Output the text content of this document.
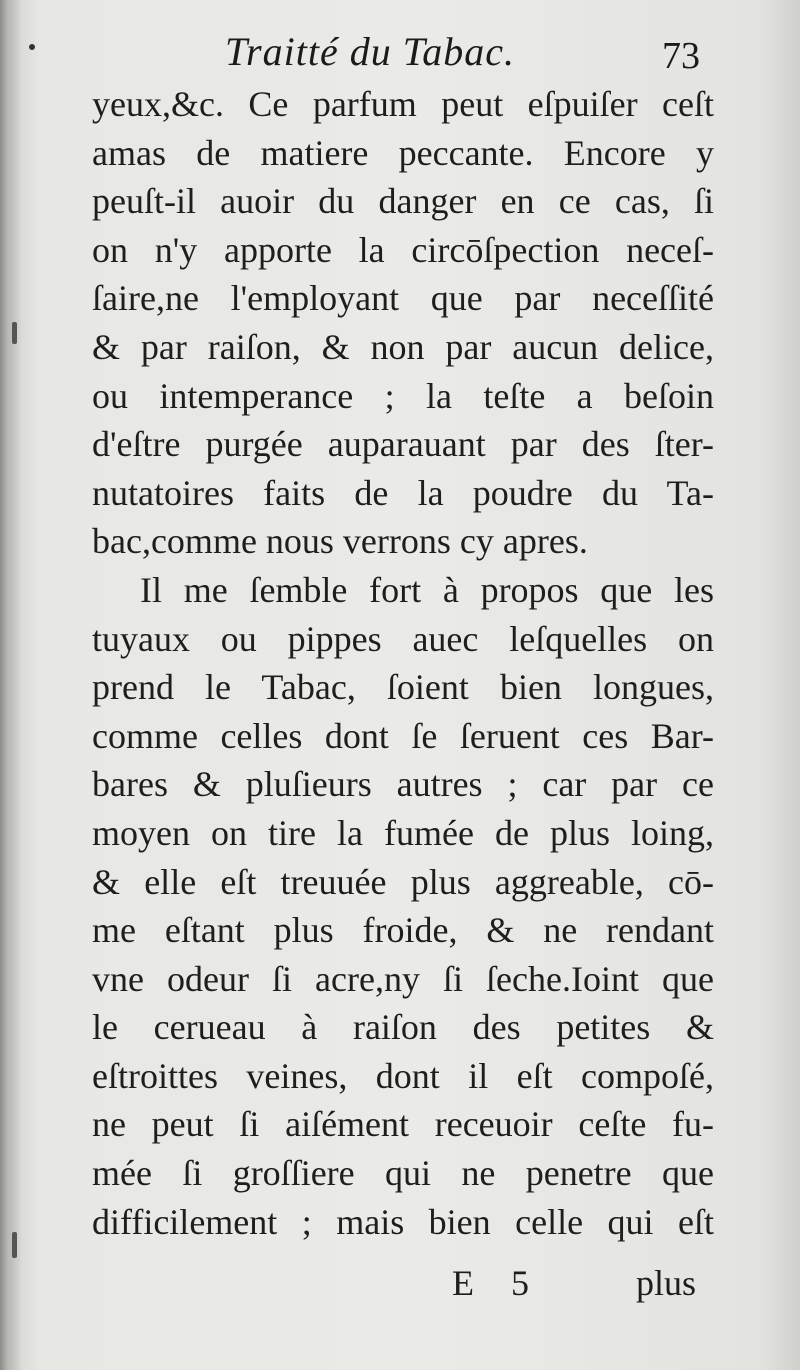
Traitté du Tabac.	73
yeux,&c. Ce parfum peut eſpuiſer ceſt
amas de matiere peccante. Encore y
peuſt-il auoir du danger en ce cas, ſi
on n'y apporte la circōſpection neceſ-
ſaire,ne l'employant que par neceſſité
& par raiſon, & non par aucun delice,
ou intemperance ; la teſte a beſoin
d'eſtre purgée auparauant par des ſter-
nutatoires faits de la poudre du Ta-
bac,comme nous verrons cy apres.
Il me ſemble fort à propos que les
tuyaux ou pippes auec leſquelles on
prend le Tabac, ſoient bien longues,
comme celles dont ſe ſeruent ces Bar-
bares & pluſieurs autres ; car par ce
moyen on tire la fumée de plus loing,
& elle eſt treuuée plus aggreable, cō-
me eſtant plus froide, & ne rendant
vne odeur ſi acre,ny ſi ſeche.Ioint que
le cerueau à raiſon des petites &
eſtroittes veines, dont il eſt compoſé,
ne peut ſi aiſément receuoir ceſte fu-
mée ſi groſſiere qui ne penetre que
difficilement ; mais bien celle qui eſt
E 5	plus
